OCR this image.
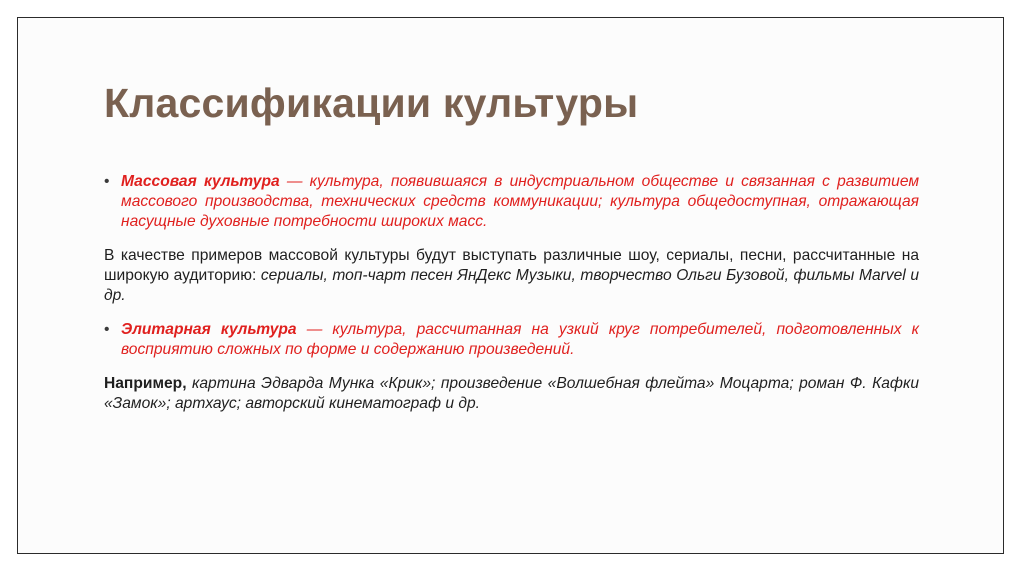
Классификации культуры
• Массовая культура — культура, появившаяся в индустриальном обществе и связанная с развитием массового производства, технических средств коммуникации; культура общедоступная, отражающая насущные духовные потребности широких масс.

В качестве примеров массовой культуры будут выступать различные шоу, сериалы, песни, рассчитанные на широкую аудиторию: сериалы, топ-чарт песен ЯнДекс Музыки, творчество Ольги Бузовой, фильмы Marvel и др.

• Элитарная культура — культура, рассчитанная на узкий круг потребителей, подготовленных к восприятию сложных по форме и содержанию произведений.

Например, картина Эдварда Мунка «Крик»; произведение «Волшебная флейта» Моцарта; роман Ф. Кафки «Замок»; артхаус; авторский кинематограф и др.
